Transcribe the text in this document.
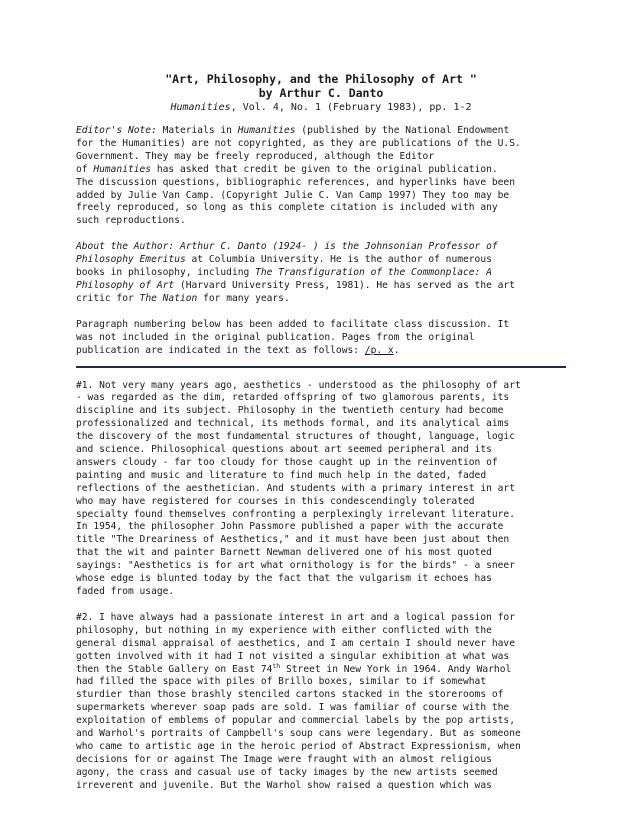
"Art, Philosophy, and the Philosophy of Art "
by Arthur C. Danto
Humanities, Vol. 4, No. 1 (February 1983), pp. 1-2
Editor's Note: Materials in Humanities (published by the National Endowment
for the Humanities) are not copyrighted, as they are publications of the U.S.
Government. They may be freely reproduced, although the Editor
of Humanities has asked that credit be given to the original publication.
The discussion questions, bibliographic references, and hyperlinks have been
added by Julie Van Camp. (Copyright Julie C. Van Camp 1997) They too may be
freely reproduced, so long as this complete citation is included with any
such reproductions.
About the Author: Arthur C. Danto (1924- ) is the Johnsonian Professor of
Philosophy Emeritus at Columbia University. He is the author of numerous
books in philosophy, including The Transfiguration of the Commonplace: A
Philosophy of Art (Harvard University Press, 1981). He has served as the art
critic for The Nation for many years.
Paragraph numbering below has been added to facilitate class discussion. It
was not included in the original publication. Pages from the original
publication are indicated in the text as follows: /p. x.
#1. Not very many years ago, aesthetics - understood as the philosophy of art
- was regarded as the dim, retarded offspring of two glamorous parents, its
discipline and its subject. Philosophy in the twentieth century had become
professionalized and technical, its methods formal, and its analytical aims
the discovery of the most fundamental structures of thought, language, logic
and science. Philosophical questions about art seemed peripheral and its
answers cloudy - far too cloudy for those caught up in the reinvention of
painting and music and literature to find much help in the dated, faded
reflections of the aesthetician. And students with a primary interest in art
who may have registered for courses in this condescendingly tolerated
specialty found themselves confronting a perplexingly irrelevant literature.
In 1954, the philosopher John Passmore published a paper with the accurate
title "The Dreariness of Aesthetics," and it must have been just about then
that the wit and painter Barnett Newman delivered one of his most quoted
sayings: "Aesthetics is for art what ornithology is for the birds" - a sneer
whose edge is blunted today by the fact that the vulgarism it echoes has
faded from usage.
#2. I have always had a passionate interest in art and a logical passion for
philosophy, but nothing in my experience with either conflicted with the
general dismal appraisal of aesthetics, and I am certain I should never have
gotten involved with it had I not visited a singular exhibition at what was
then the Stable Gallery on East 74th Street in New York in 1964. Andy Warhol
had filled the space with piles of Brillo boxes, similar to if somewhat
sturdier than those brashly stenciled cartons stacked in the storerooms of
supermarkets wherever soap pads are sold. I was familiar of course with the
exploitation of emblems of popular and commercial labels by the pop artists,
and Warhol's portraits of Campbell's soup cans were legendary. But as someone
who came to artistic age in the heroic period of Abstract Expressionism, when
decisions for or against The Image were fraught with an almost religious
agony, the crass and casual use of tacky images by the new artists seemed
irreverent and juvenile. But the Warhol show raised a question which was
